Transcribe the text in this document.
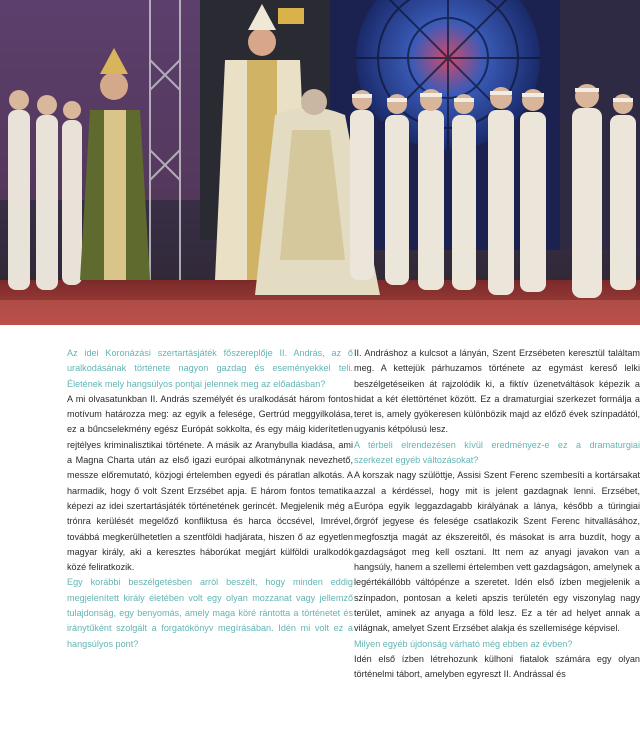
Az idei Koronázási szertartásjáték főszereplője II. András, az ő uralkodásának története nagyon gazdag és eseményekkel teli. Életének mely hangsúlyos pontjai jelennek meg az előadásban?

A mi olvasatunkban II. András személyét és uralkodását három fontos motívum határozza meg: az egyik a felesége, Gertrúd meggyilkolása, ez a bűncselekmény egész Európát sokkolta, és egy máig kiderítetlen rejtélyes kriminalisztikai története. A másik az Aranybulla kiadása, ami a Magna Charta után az első igazi európai alkotmánynak nevezhető, messze előremutató, közjogi értelemben egyedi és páratlan alkotás. A harmadik, hogy ő volt Szent Erzsébet apja. E három fontos tematika képezi az idei szertartásjáték történetének gerincét. Megjelenik még a trónra kerülését megelőző konfliktusa és harca öccsével, Imrével, továbbá megkerülhetetlen a szentföldi hadjárata, hiszen ő az egyetlen magyar király, aki a keresztes háborúkat megjárt külföldi uralkodók közé feliratkozik.

Egy korábbi beszélgetésben arról beszélt, hogy minden eddig megjelenített király életében volt egy olyan mozzanat vagy jellemző tulajdonság, egy benyomás, amely maga köré rántotta a történetet és iránytűként szolgált a forgatókönyv megírásában. Idén mi volt ez a hangsúlyos pont?

II. Andráshoz a kulcsot a lányán, Szent Erzsébeten keresztül találtam meg. A kettejük párhuzamos története az egymást kereső lelki beszélgetéseiken át rajzolódik ki, a fiktív üzenetváltások képezik a hidat a két élettörténet között. Ez a dramaturgiai szerkezet formálja a teret is, amely gyökeresen különbözik majd az előző évek színpadától, ugyanis kétpólusú lesz.

A térbeli elrendezésen kívül eredményez-e ez a dramaturgiai szerkezet egyéb változásokat?

A korszak nagy szülöttje, Assisi Szent Ferenc szembesíti a kortársakat azzal a kérdéssel, hogy mit is jelent gazdagnak lenni. Erzsébet, Európa egyik leggazdagabb királyának a lánya, később a türingiai őrgróf jegyese és felesége csatlakozik Szent Ferenc hitvallásához, megfosztja magát az ékszereitől, és másokat is arra buzdít, hogy a gazdagságot meg kell osztani. Itt nem az anyagi javakon van a hangsúly, hanem a szellemi értelemben vett gazdagságon, amelynek a legértékállóbb váltópénze a szeretet. Idén első ízben megjelenik a színpadon, pontosan a keleti apszis területén egy viszonylag nagy terület, aminek az anyaga a föld lesz. Ez a tér ad helyet annak a világnak, amelyet Szent Erzsébet alakja és szellemisége képvisel.

Milyen egyéb újdonság várható még ebben az évben?

Idén első ízben létrehozunk külhoni fiatalok számára egy olyan történelmi tábort, amelyben egyreszt II. Andrással és
